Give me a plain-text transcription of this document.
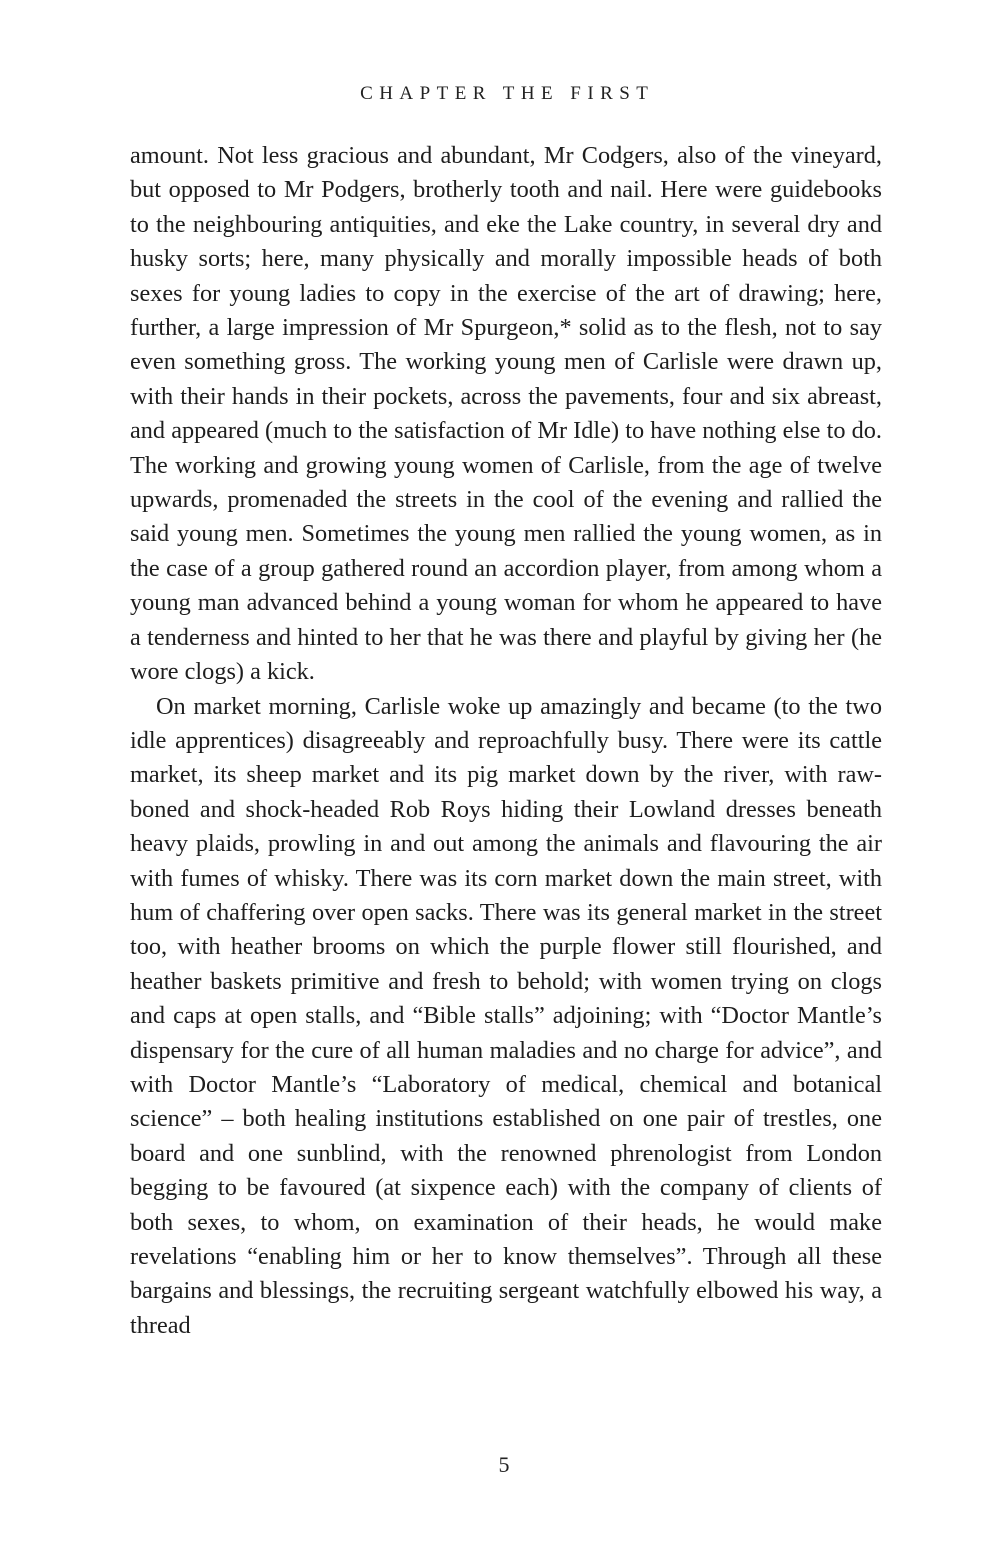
CHAPTER THE FIRST

amount. Not less gracious and abundant, Mr Codgers, also of the vineyard, but opposed to Mr Podgers, brotherly tooth and nail. Here were guidebooks to the neighbouring antiquities, and eke the Lake country, in several dry and husky sorts; here, many physically and morally impossible heads of both sexes for young ladies to copy in the exercise of the art of drawing; here, further, a large impression of Mr Spurgeon,* solid as to the flesh, not to say even something gross. The working young men of Carlisle were drawn up, with their hands in their pockets, across the pavements, four and six abreast, and appeared (much to the satisfaction of Mr Idle) to have nothing else to do. The working and growing young women of Carlisle, from the age of twelve upwards, promenaded the streets in the cool of the evening and rallied the said young men. Sometimes the young men rallied the young women, as in the case of a group gathered round an accordion player, from among whom a young man advanced behind a young woman for whom he appeared to have a tenderness and hinted to her that he was there and playful by giving her (he wore clogs) a kick.

On market morning, Carlisle woke up amazingly and became (to the two idle apprentices) disagreeably and reproachfully busy. There were its cattle market, its sheep market and its pig market down by the river, with raw-boned and shock-headed Rob Roys hiding their Lowland dresses beneath heavy plaids, prowling in and out among the animals and flavouring the air with fumes of whisky. There was its corn market down the main street, with hum of chaffering over open sacks. There was its general market in the street too, with heather brooms on which the purple flower still flourished, and heather baskets primitive and fresh to behold; with women trying on clogs and caps at open stalls, and “Bible stalls” adjoining; with “Doctor Mantle’s dispensary for the cure of all human maladies and no charge for advice”, and with Doctor Mantle’s “Laboratory of medical, chemical and botanical science” – both healing institutions established on one pair of trestles, one board and one sunblind, with the renowned phrenologist from London begging to be favoured (at sixpence each) with the company of clients of both sexes, to whom, on examination of their heads, he would make revelations “enabling him or her to know themselves”. Through all these bargains and blessings, the recruiting sergeant watchfully elbowed his way, a thread

5
